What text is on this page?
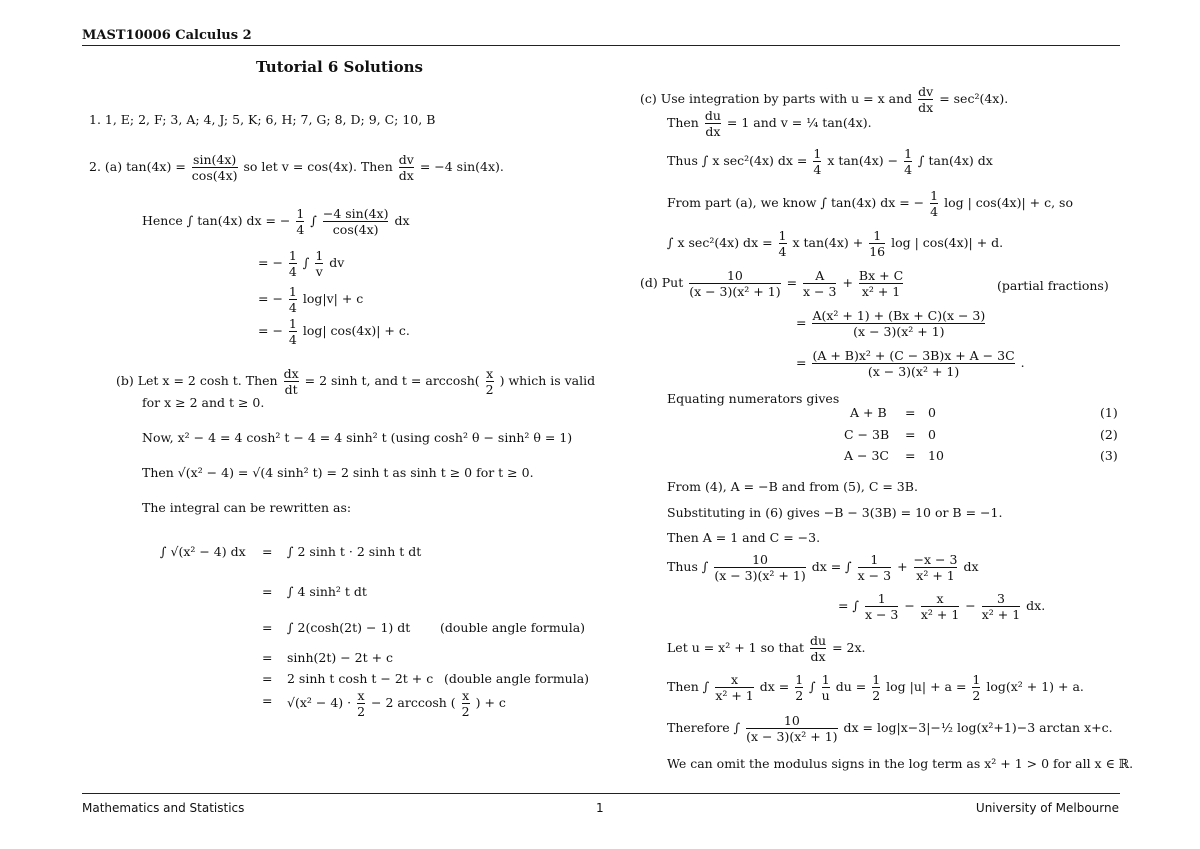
MAST10006 Calculus 2
Tutorial 6 Solutions
1. 1, E; 2, F; 3, A; 4, J; 5, K; 6, H; 7, G; 8, D; 9, C; 10, B
2. (a) $\tan(4x) = \frac{\sin(4x)}{\cos(4x)}$ so let v = cos(4x). Then $\frac{dv}{dx} = -4$ sin(4x).
Hence ∫ tan(4x) dx = − $\frac{1}{4}$ ∫ $\frac{-4 \sin(4x)}{\cos(4x)}$ dx
= − $\frac{1}{4}$ ∫ $\frac{1}{v}$ dv
= − $\frac{1}{4} \log|v| + c$
= − $\frac{1}{4} \log|$ cos(4x)| + c.
(b) Let x = 2 cosh t. Then $\frac{dx}{dt} = 2$ sinh t, and $t = \arccos h( \frac{x}{2}$ ) which is valid
for x ≥ 2 and t ≥ 0.
Now, x² − 4 = 4 cosh² t − 4 = 4 sinh² t (using cosh² θ − sinh² θ = 1)
Then √(x² − 4) = √(4 sinh² t) = 2 sinh t as sinh t ≥ 0 for t ≥ 0.
The integral can be rewritten as:
∫ √(x² − 4) dx = ∫ 2 sinh t · 2 sinh t dt
= ∫ 4 sinh² t dt
= ∫ 2(cosh(2t) − 1) dt (double angle formula)
= sinh(2t) − 2t + c
= 2 sinh t cosh t − 2t + c (double angle formula)
= $√(x^2 - 4) \cdot \frac{x}{2} - 2$ arccosh ( $\frac{x}{2}$ ) + c
(c) Use integration by parts with u = x and $\frac{dv}{dx} = \sec^2(4x)$.
Then $\frac{du}{dx} = 1$ and v = ¼ tan(4x).
Thus ∫ x sec²(4x) dx = $\frac{1}{4}$ x $\tan(4x) - \frac{1}{4}$ ∫ tan(4x) dx
From part (a), we know ∫ tan(4x) dx = − $\frac{1}{4}$ log | cos(4x)| + c, so
∫ x sec²(4x) dx = $\frac{1}{4}$ x $\tan(4x) + \frac{1}{16}$ log | cos(4x)| + d.
(d) Put $\frac{10}{\text{(x − 3)(x² + 1)}} = \frac{A}{x - 3} + \frac{Bx + C}{\text{x² + 1}}$	(partial fractions)
= $\frac{\text{A(x² + 1) + (Bx + C)(x − 3)}}{\text{(x − 3)(x² + 1)}}$
= $\frac{\text{(A + B)x² + (C − 3B)x + A − 3C}}{\text{(x − 3)(x² + 1)}}$ .
Equating numerators gives
A + B = 0	(1)
C − 3B = 0	(2)
A − 3C = 10	(3)
From (4), A = −B and from (5), C = 3B.
Substituting in (6) gives −B − 3(3B) = 10 or B = −1.
Then A = 1 and C = −3.
Thus ∫ $\frac{10}{\text{(x − 3)(x² + 1)}}$ dx = ∫ $\frac{1}{x - 3} + \frac{-x - 3}{\text{x² + 1}}$ dx
= ∫ $\frac{1}{x - 3} - \frac{x}{\text{x² + 1}} - \frac{3}{\text{x² + 1}}$ dx.
Let u = x² + 1 so that $\frac{du}{dx} = 2x$.
Then ∫ $\frac{x}{\text{x² + 1}}$ dx = $\frac{1}{2}$ ∫ $\frac{1}{u}$ du = $\frac{1}{2}$ $\log |u| + a = \frac{1}{2} \log(x^2 + 1) + a$.
Therefore ∫ $\frac{10}{\text{(x − 3)(x² + 1)}}$ dx = log|x−3|−½ log(x²+1)−3 arctan x+c.
We can omit the modulus signs in the log term as x² + 1 > 0 for all x ∈ ℝ.
Mathematics and Statistics	1	University of Melbourne
